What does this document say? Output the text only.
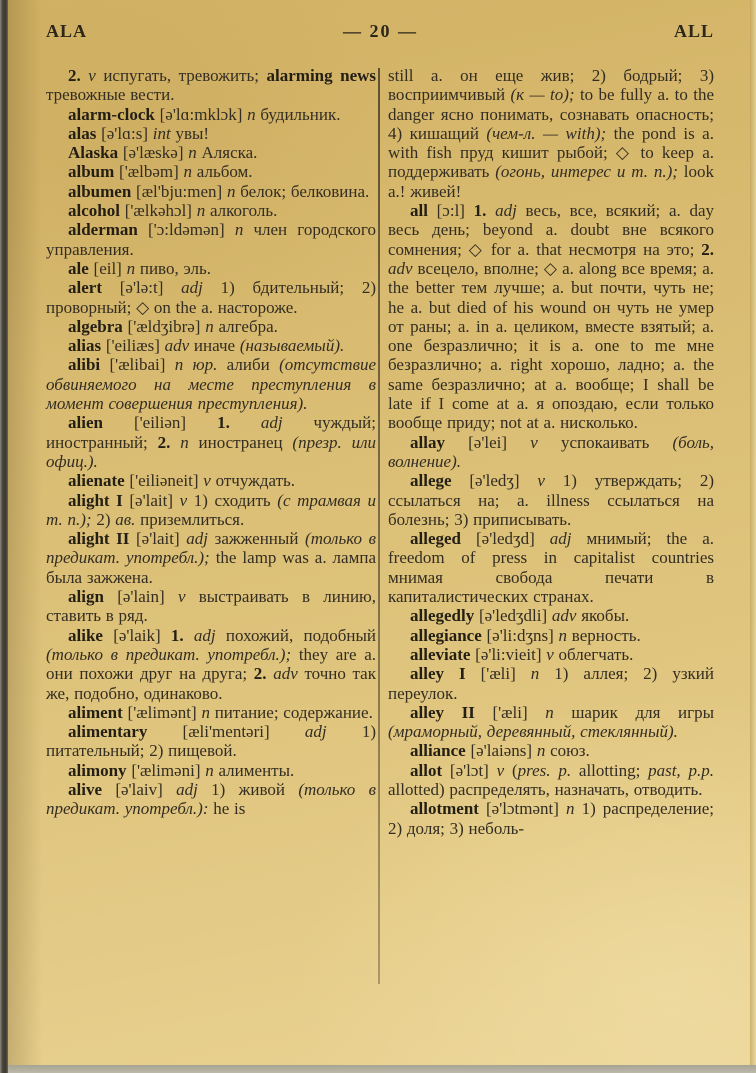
ALA	— 20 —	ALL

2. v испугать, тревожить; alarming news тревожные вести.

alarm-clock [ə'lɑ:mklɔk] n будильник.

alas [ə'lɑ:s] int увы!

Alaska [ə'læskə] n Аляска.

album ['ælbəm] n альбом.

albumen [æl'bju:men] n белок; белковина.

alcohol ['ælkəhɔl] n алкоголь.

alderman ['ɔ:ldəmən] n член городского управления.

ale [eil] n пиво, эль.

alert [ə'lə:t] adj 1) бдительный; 2) проворный; ◇ on the a. настороже.

algebra ['ældʒibrə] n алгебра.

alias ['eiliæs] adv иначе (называемый).

alibi ['ælibai] n юр. алиби (отсутствие обвиняемого на месте преступления в момент совершения преступления).

alien ['eiliən] 1. adj чуждый; иностранный; 2. n иностранец (презр. или офиц.).

alienate ['eiliəneit] v отчуждать.

alight I [ə'lait] v 1) сходить (с трамвая и т. п.); 2) ав. приземлиться.

alight II [ə'lait] adj зажженный (только в предикат. употребл.); the lamp was a. лампа была зажжена.

align [ə'lain] v выстраивать в линию, ставить в ряд.

alike [ə'laik] 1. adj похожий, подобный (только в предикат. употребл.); they are a. они похожи друг на друга; 2. adv точно так же, подобно, одинаково.

aliment ['ælimənt] n питание; содержание.

alimentary [æli'mentəri] adj 1) питательный; 2) пищевой.

alimony ['æliməni] n алименты.

alive [ə'laiv] adj 1) живой (только в предикат. употребл.): he is

still a. он еще жив; 2) бодрый; 3) восприимчивый (к — to); to be fully a. to the danger ясно понимать, сознавать опасность; 4) кишащий (чем-л. — with); the pond is a. with fish пруд кишит рыбой; ◇ to keep a. поддерживать (огонь, интерес и т. п.); look a.! живей!

all [ɔ:l] 1. adj весь, все, всякий; a. day весь день; beyond a. doubt вне всякого сомнения; ◇ for a. that несмотря на это; 2. adv всецело, вполне; ◇ a. along все время; a. the better тем лучше; a. but почти, чуть не; he a. but died of his wound он чуть не умер от раны; a. in a. целиком, вместе взятый; a. one безразлично; it is a. one to me мне безразлично; a. right хорошо, ладно; a. the same безразлично; at a. вообще; I shall be late if I come at a. я опоздаю, если только вообще приду; not at a. нисколько.

allay [ə'lei] v успокаивать (боль, волнение).

allege [ə'ledʒ] v 1) утверждать; 2) ссылаться на; a. illness ссылаться на болезнь; 3) приписывать.

alleged [ə'ledʒd] adj мнимый; the a. freedom of press in capitalist countries мнимая свобода печати в капиталистических странах.

allegedly [ə'ledʒdli] adv якобы.

allegiance [ə'li:dʒns] n верность.

alleviate [ə'li:vieit] v облегчать.

alley I ['æli] n 1) аллея; 2) узкий переулок.

alley II ['æli] n шарик для игры (мраморный, деревянный, стеклянный).

alliance [ə'laiəns] n союз.

allot [ə'lɔt] v (pres. p. allotting; past, p.p. allotted) распределять, назначать, отводить.

allotment [ə'lɔtmənt] n 1) распределение; 2) доля; 3) неболь-
